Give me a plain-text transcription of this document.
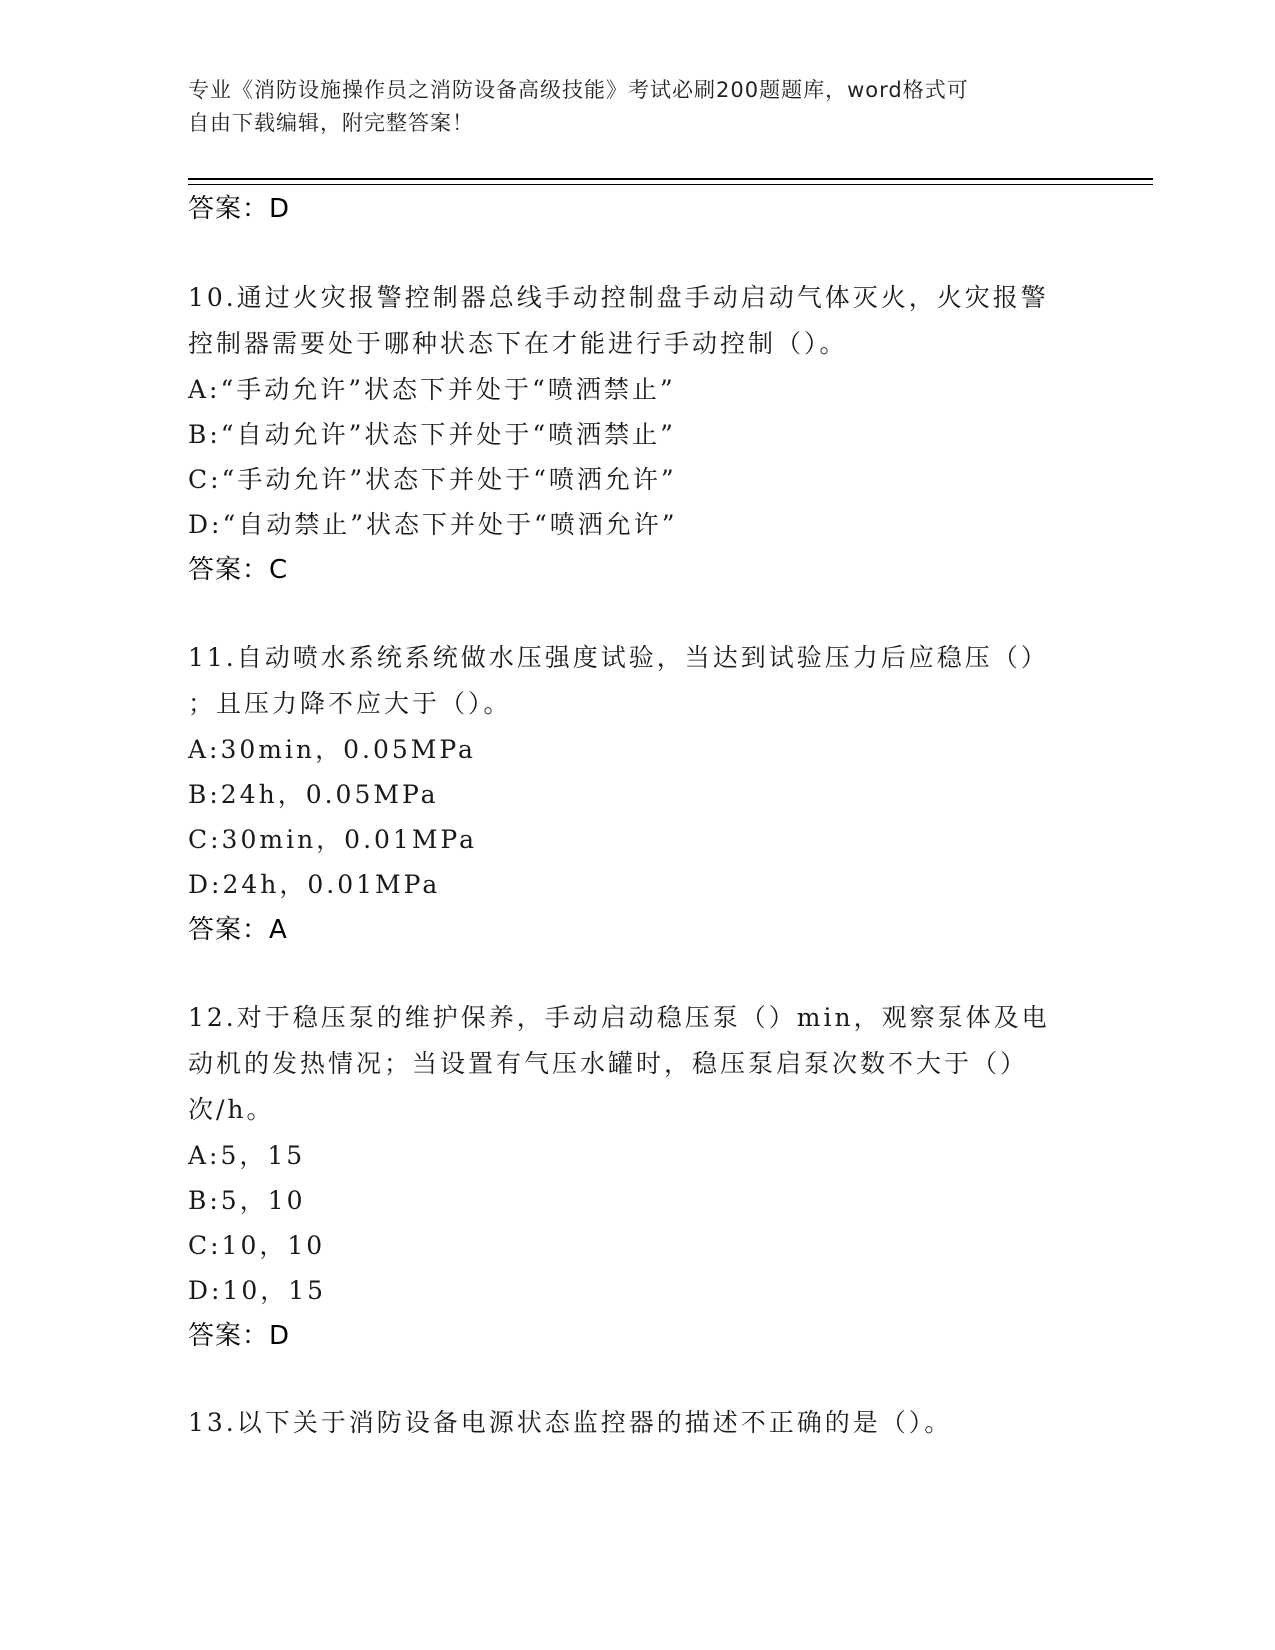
专业《消防设施操作员之消防设备高级技能》考试必刷200题题库，word格式可
自由下载编辑，附完整答案！
答案：D
10.通过火灾报警控制器总线手动控制盘手动启动气体灭火，火灾报警
控制器需要处于哪种状态下在才能进行手动控制（）。
A:“手动允许”状态下并处于“喷洒禁止”
B:“自动允许”状态下并处于“喷洒禁止”
C:“手动允许”状态下并处于“喷洒允许”
D:“自动禁止”状态下并处于“喷洒允许”
答案：C
11.自动喷水系统系统做水压强度试验，当达到试验压力后应稳压（）
；且压力降不应大于（）。
A:30min，0.05MPa
B:24h，0.05MPa
C:30min，0.01MPa
D:24h，0.01MPa
答案：A
12.对于稳压泵的维护保养，手动启动稳压泵（）min，观察泵体及电
动机的发热情况；当设置有气压水罐时，稳压泵启泵次数不大于（）
次/h。
A:5，15
B:5，10
C:10，10
D:10，15
答案：D
13.以下关于消防设备电源状态监控器的描述不正确的是（）。
